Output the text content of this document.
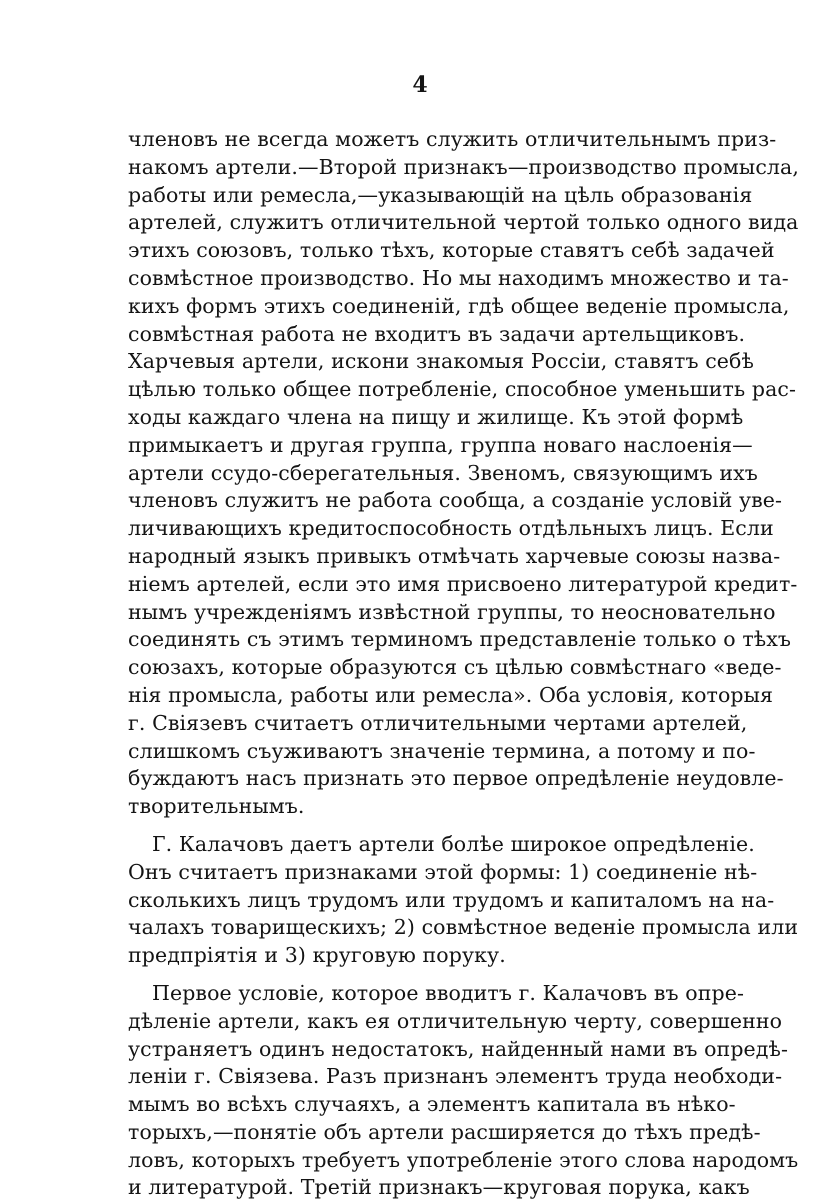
4
членовъ не всегда можетъ служить отличительнымъ приз-
накомъ артели.—Второй признакъ—производство промысла,
работы или ремесла,—указывающій на цѣль образованія
артелей, служитъ отличительной чертой только одного вида
этихъ союзовъ, только тѣхъ, которые ставятъ себѣ задачей
совмѣстное производство. Но мы находимъ множество и та-
кихъ формъ этихъ соединеній, гдѣ общее веденіе промысла,
совмѣстная работа не входитъ въ задачи артельщиковъ.
Харчевыя артели, искони знакомыя Россіи, ставятъ себѣ
цѣлью только общее потребленіе, способное уменьшить рас-
ходы каждаго члена на пищу и жилище. Къ этой формѣ
примыкаетъ и другая группа, группа новаго наслоенія—
артели ссудо-сберегательныя. Звеномъ, связующимъ ихъ
членовъ служитъ не работа сообща, а созданіе условій уве-
личивающихъ кредитоспособность отдѣльныхъ лицъ. Если
народный языкъ привыкъ отмѣчать харчевые союзы назва-
ніемъ артелей, если это имя присвоено литературой кредит-
нымъ учрежденіямъ извѣстной группы, то неосновательно
соединять съ этимъ терминомъ представленіе только о тѣхъ
союзахъ, которые образуются съ цѣлью совмѣстнаго «веде-
нія промысла, работы или ремесла». Оба условія, которыя
г. Свіязевъ считаетъ отличительными чертами артелей,
слишкомъ съуживаютъ значеніе термина, а потому и по-
буждаютъ насъ признать это первое опредѣленіе неудовле-
творительнымъ.
Г. Калачовъ даетъ артели болѣе широкое опредѣленіе.
Онъ считаетъ признаками этой формы: 1) соединеніе нѣ-
сколькихъ лицъ трудомъ или трудомъ и капиталомъ на на-
чалахъ товарищескихъ; 2) совмѣстное веденіе промысла или
предпріятія и 3) круговую поруку.
Первое условіе, которое вводитъ г. Калачовъ въ опре-
дѣленіе артели, какъ ея отличительную черту, совершенно
устраняетъ одинъ недостатокъ, найденный нами въ опредѣ-
леніи г. Свіязева. Разъ признанъ элементъ труда необходи-
мымъ во всѣхъ случаяхъ, а элементъ капитала въ нѣко-
торыхъ,—понятіе объ артели расширяется до тѣхъ предѣ-
ловъ, которыхъ требуетъ употребленіе этого слова народомъ
и литературой. Третій признакъ—круговая порука, какъ
